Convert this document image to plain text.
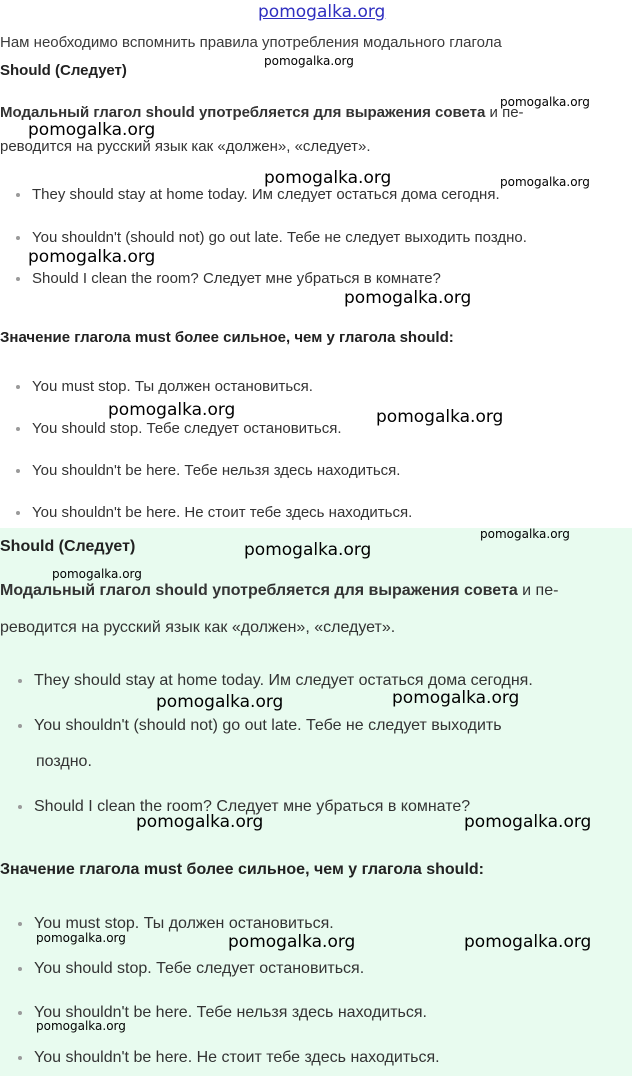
pomogalka.org
Нам необходимо вспомнить правила употребления модального глагола
Should (Следует)
Модальный глагол should употребляется для выражения совета и пе-
реводится на русский язык как «должен», «следует».
They should stay at home today. Им следует остаться дома сегодня.
You shouldn't (should not) go out late. Тебе не следует выходить поздно.
Should I clean the room? Следует мне убраться в комнате?
Значение глагола must более сильное, чем у глагола should:
You must stop. Ты должен остановиться.
You should stop. Тебе следует остановиться.
You shouldn't be here. Тебе нельзя здесь находиться.
You shouldn't be here. Не стоит тебе здесь находиться.
Should (Следует)
Модальный глагол should употребляется для выражения совета и пе-
реводится на русский язык как «должен», «следует».
They should stay at home today. Им следует остаться дома сегодня.
You shouldn't (should not) go out late. Тебе не следует выходить
поздно.
Should I clean the room? Следует мне убраться в комнате?
Значение глагола must более сильное, чем у глагола should:
You must stop. Ты должен остановиться.
You should stop. Тебе следует остановиться.
You shouldn't be here. Тебе нельзя здесь находиться.
You shouldn't be here. Не стоит тебе здесь находиться.
pomogalka.org
pomogalka.org
pomogalka.org
pomogalka.org	pomogalka.org
pomogalka.org
pomogalka.org
pomogalka.org	pomogalka.org
pomogalka.org
pomogalka.org
pomogalka.org
pomogalka.org	pomogalka.org
pomogalka.org	pomogalka.org
pomogalka.org	pomogalka.org	pomogalka.org
pomogalka.org
